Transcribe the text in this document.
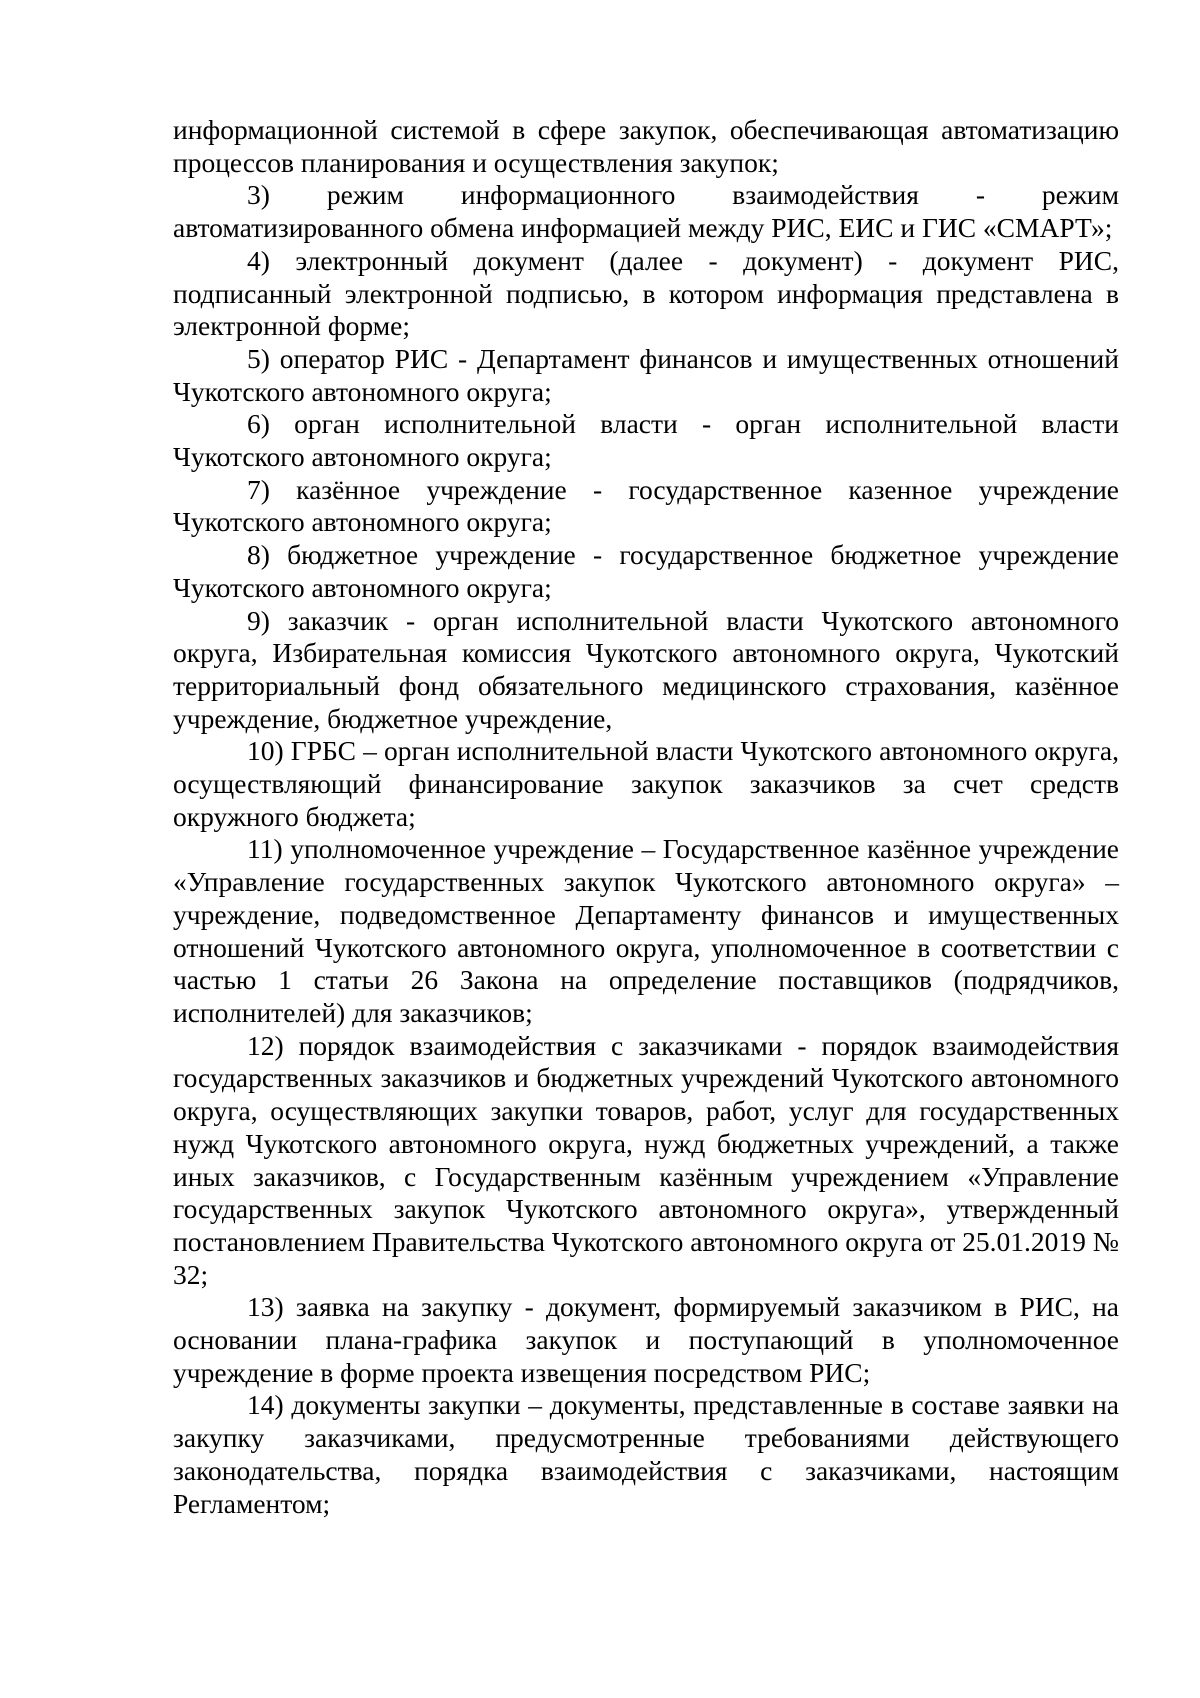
информационной системой в сфере закупок, обеспечивающая автоматизацию процессов планирования и осуществления закупок;

3) режим информационного взаимодействия - режим автоматизированного обмена информацией между РИС, ЕИС и ГИС «СМАРТ»;

4) электронный документ (далее - документ) - документ РИС, подписанный электронной подписью, в котором информация представлена в электронной форме;

5) оператор РИС - Департамент финансов и имущественных отношений Чукотского автономного округа;

6) орган исполнительной власти - орган исполнительной власти Чукотского автономного округа;

7) казённое учреждение - государственное казенное учреждение Чукотского автономного округа;

8) бюджетное учреждение - государственное бюджетное учреждение Чукотского автономного округа;

9) заказчик - орган исполнительной власти Чукотского автономного округа, Избирательная комиссия Чукотского автономного округа, Чукотский территориальный фонд обязательного медицинского страхования, казённое учреждение, бюджетное учреждение,

10) ГРБС – орган исполнительной власти Чукотского автономного округа, осуществляющий финансирование закупок заказчиков за счет средств окружного бюджета;

11) уполномоченное учреждение – Государственное казённое учреждение «Управление государственных закупок Чукотского автономного округа» – учреждение, подведомственное Департаменту финансов и имущественных отношений Чукотского автономного округа, уполномоченное в соответствии с частью 1 статьи 26 Закона на определение поставщиков (подрядчиков, исполнителей) для заказчиков;

12) порядок взаимодействия с заказчиками - порядок взаимодействия государственных заказчиков и бюджетных учреждений Чукотского автономного округа, осуществляющих закупки товаров, работ, услуг для государственных нужд Чукотского автономного округа, нужд бюджетных учреждений, а также иных заказчиков, с Государственным казённым учреждением «Управление государственных закупок Чукотского автономного округа», утвержденный постановлением Правительства Чукотского автономного округа от 25.01.2019 № 32;

13) заявка на закупку - документ, формируемый заказчиком в РИС, на основании плана-графика закупок и поступающий в уполномоченное учреждение в форме проекта извещения посредством РИС;

14) документы закупки – документы, представленные в составе заявки на закупку заказчиками, предусмотренные требованиями действующего законодательства, порядка взаимодействия с заказчиками, настоящим Регламентом;
